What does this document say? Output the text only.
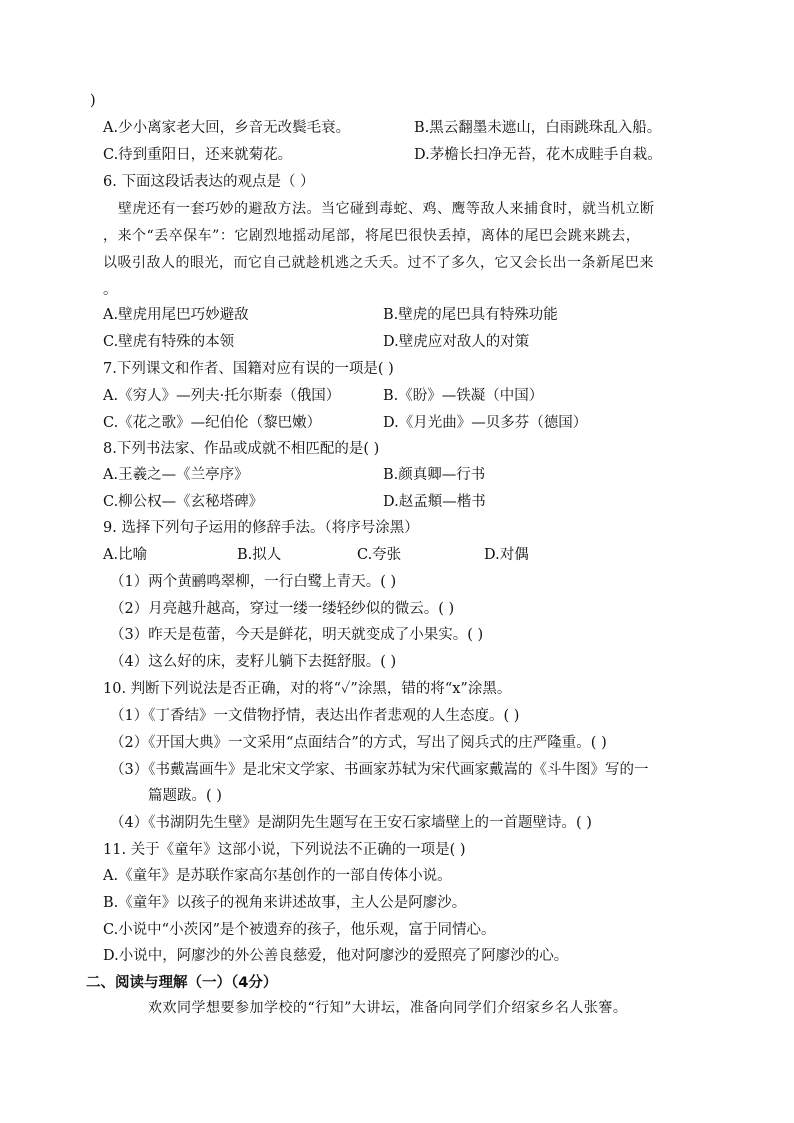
)
A.少小离家老大回，乡音无改鬓毛衰。	B.黑云翻墨未遮山，白雨跳珠乱入船。
C.待到重阳日，还来就菊花。	D.茅檐长扫净无苔，花木成畦手自栽。
6. 下面这段话表达的观点是（ ）
壁虎还有一套巧妙的避敌方法。当它碰到毒蛇、鸡、鹰等敌人来捕食时，就当机立断
，来个“丢卒保车”：它剧烈地摇动尾部，将尾巴很快丢掉，离体的尾巴会跳来跳去，
以吸引敌人的眼光，而它自己就趁机逃之夭夭。过不了多久，它又会长出一条新尾巴来
。
A.壁虎用尾巴巧妙避敌	B.壁虎的尾巴具有特殊功能
C.壁虎有特殊的本领	D.壁虎应对敌人的对策
7.下列课文和作者、国籍对应有误的一项是( )
A.《穷人》—列夫·托尔斯泰（俄国）	B.《盼》—铁凝（中国）
C.《花之歌》—纪伯伦（黎巴嫩）	D.《月光曲》—贝多芬（德国）
8.下列书法家、作品或成就不相匹配的是( )
A.王羲之—《兰亭序》	B.颜真卿—行书
C.柳公权—《玄秘塔碑》	D.赵孟頫—楷书
9. 选择下列句子运用的修辞手法。（将序号涂黑）
A.比喻	B.拟人	C.夸张	D.对偶
（1）两个黄鹂鸣翠柳，一行白鹭上青天。( )
（2）月亮越升越高，穿过一缕一缕轻纱似的微云。( )
（3）昨天是苞蕾，今天是鲜花，明天就变成了小果实。( )
（4）这么好的床，麦籽儿躺下去挺舒服。( )
10. 判断下列说法是否正确，对的将“✓”涂黑，错的将“x”涂黑。
（1）《丁香结》一文借物抒情，表达出作者悲观的人生态度。( )
（2）《开国大典》一文采用“点面结合”的方式，写出了阅兵式的庄严隆重。( )
（3）《书戴嵩画牛》是北宋文学家、书画家苏轼为宋代画家戴嵩的《斗牛图》写的一
篇题跋。( )
（4）《书湖阴先生壁》是湖阴先生题写在王安石家墙壁上的一首题壁诗。( )
11. 关于《童年》这部小说，下列说法不正确的一项是( )
A.《童年》是苏联作家高尔基创作的一部自传体小说。
B.《童年》以孩子的视角来讲述故事，主人公是阿廖沙。
C.小说中“小茨冈”是个被遗弃的孩子，他乐观，富于同情心。
D.小说中，阿廖沙的外公善良慈爱，他对阿廖沙的爱照亮了阿廖沙的心。
二、阅读与理解（一）（4分）
欢欢同学想要参加学校的“行知”大讲坛，准备向同学们介绍家乡名人张謇。
